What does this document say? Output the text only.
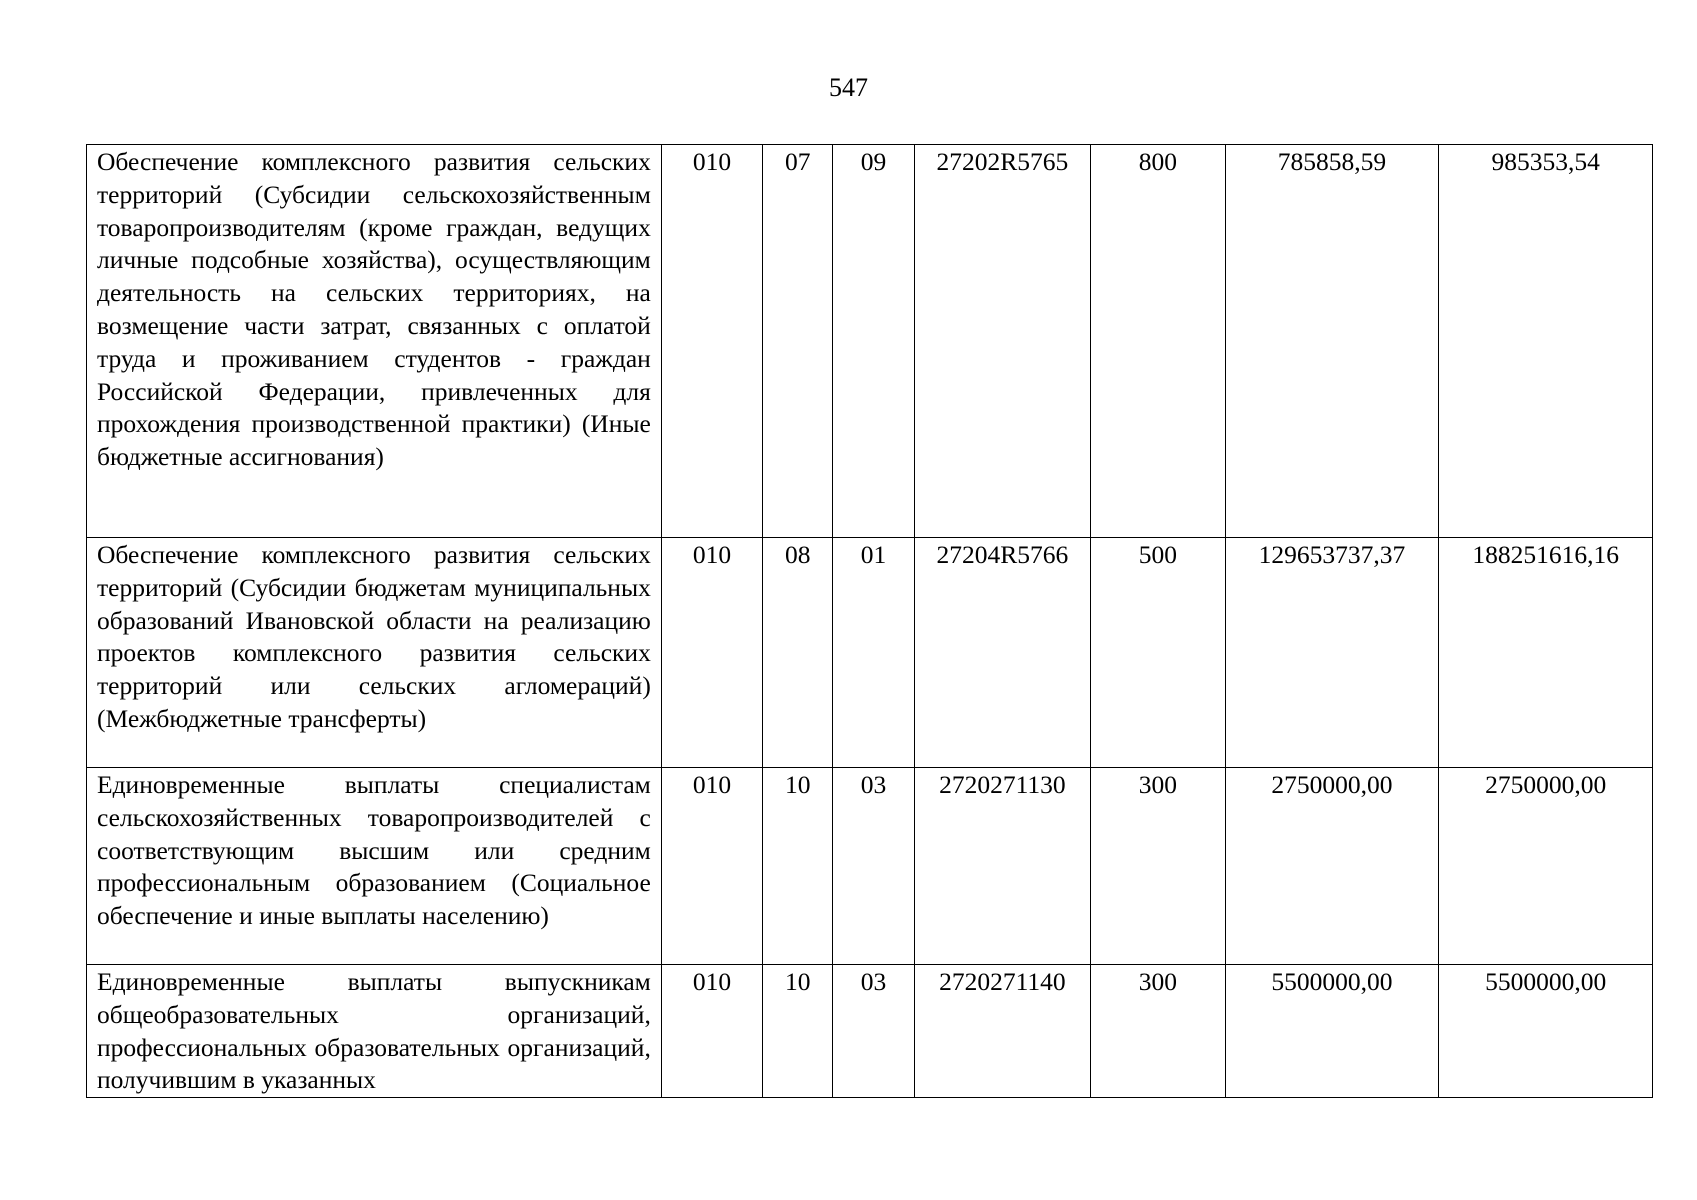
547
Обеспечение комплексного развития сельских территорий (Субсидии сельскохозяйственным товаропроизводителям (кроме граждан, ведущих личные подсобные хозяйства), осуществляющим деятельность на сельских территориях, на возмещение части затрат, связанных с оплатой труда и проживанием студентов - граждан Российской Федерации, привлеченных для прохождения производственной практики) (Иные бюджетные ассигнования)	010	07	09	27202R5765	800	785858,59	985353,54
Обеспечение комплексного развития сельских территорий (Субсидии бюджетам муниципальных образований Ивановской области на реализацию проектов комплексного развития сельских территорий или сельских агломераций) (Межбюджетные трансферты)	010	08	01	27204R5766	500	129653737,37	188251616,16
Единовременные выплаты специалистам сельскохозяйственных товаропроизводителей с соответствующим высшим или средним профессиональным образованием (Социальное обеспечение и иные выплаты населению)	010	10	03	2720271130	300	2750000,00	2750000,00
Единовременные выплаты выпускникам общеобразовательных организаций, профессиональных образовательных организаций, получившим в указанных	010	10	03	2720271140	300	5500000,00	5500000,00
